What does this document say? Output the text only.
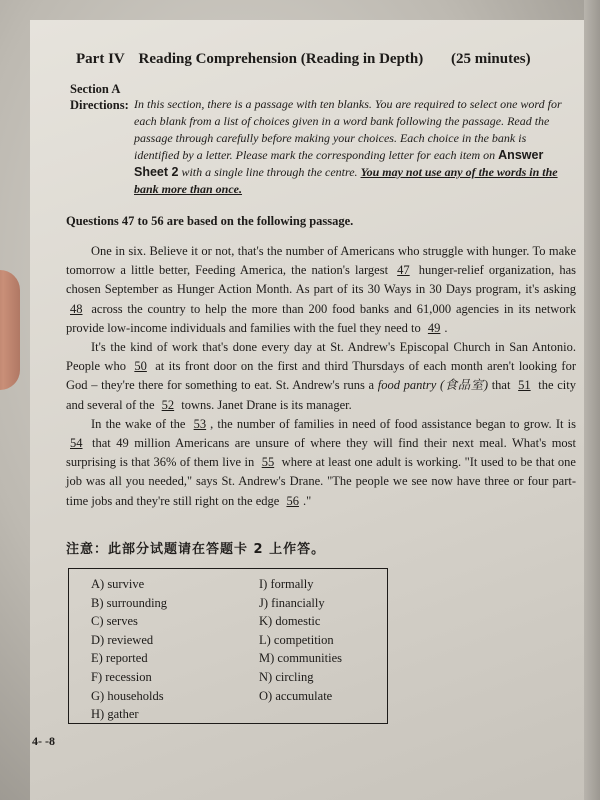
Part IV Reading Comprehension (Reading in Depth) (25 minutes)
Section A
Directions: In this section, there is a passage with ten blanks. You are required to select one word for each blank from a list of choices given in a word bank following the passage. Read the passage through carefully before making your choices. Each choice in the bank is identified by a letter. Please mark the corresponding letter for each item on Answer Sheet 2 with a single line through the centre. You may not use any of the words in the bank more than once.
Questions 47 to 56 are based on the following passage.

One in six. Believe it or not, that's the number of Americans who struggle with hunger. To make tomorrow a little better, Feeding America, the nation's largest 47 hunger-relief organization, has chosen September as Hunger Action Month. As part of its 30 Ways in 30 Days program, it's asking 48 across the country to help the more than 200 food banks and 61,000 agencies in its network provide low-income individuals and families with the fuel they need to 49 .

It's the kind of work that's done every day at St. Andrew's Episcopal Church in San Antonio. People who 50 at its front door on the first and third Thursdays of each month aren't looking for God – they're there for something to eat. St. Andrew's runs a food pantry (食品室) that 51 the city and several of the 52 towns. Janet Drane is its manager.

In the wake of the 53 , the number of families in need of food assistance began to grow. It is 54 that 49 million Americans are unsure of where they will find their next meal. What's most surprising is that 36% of them live in 55 where at least one adult is working. "It used to be that one job was all you needed," says St. Andrew's Drane. "The people we see now have three or four part-time jobs and they're still right on the edge 56 ."

注意：此部分试题请在答题卡 2 上作答。
A) survive
B) surrounding
C) serves
D) reviewed
E) reported
F) recession
G) households
H) gather
I) formally
J) financially
K) domestic
L) competition
M) communities
N) circling
O) accumulate
4- -8
